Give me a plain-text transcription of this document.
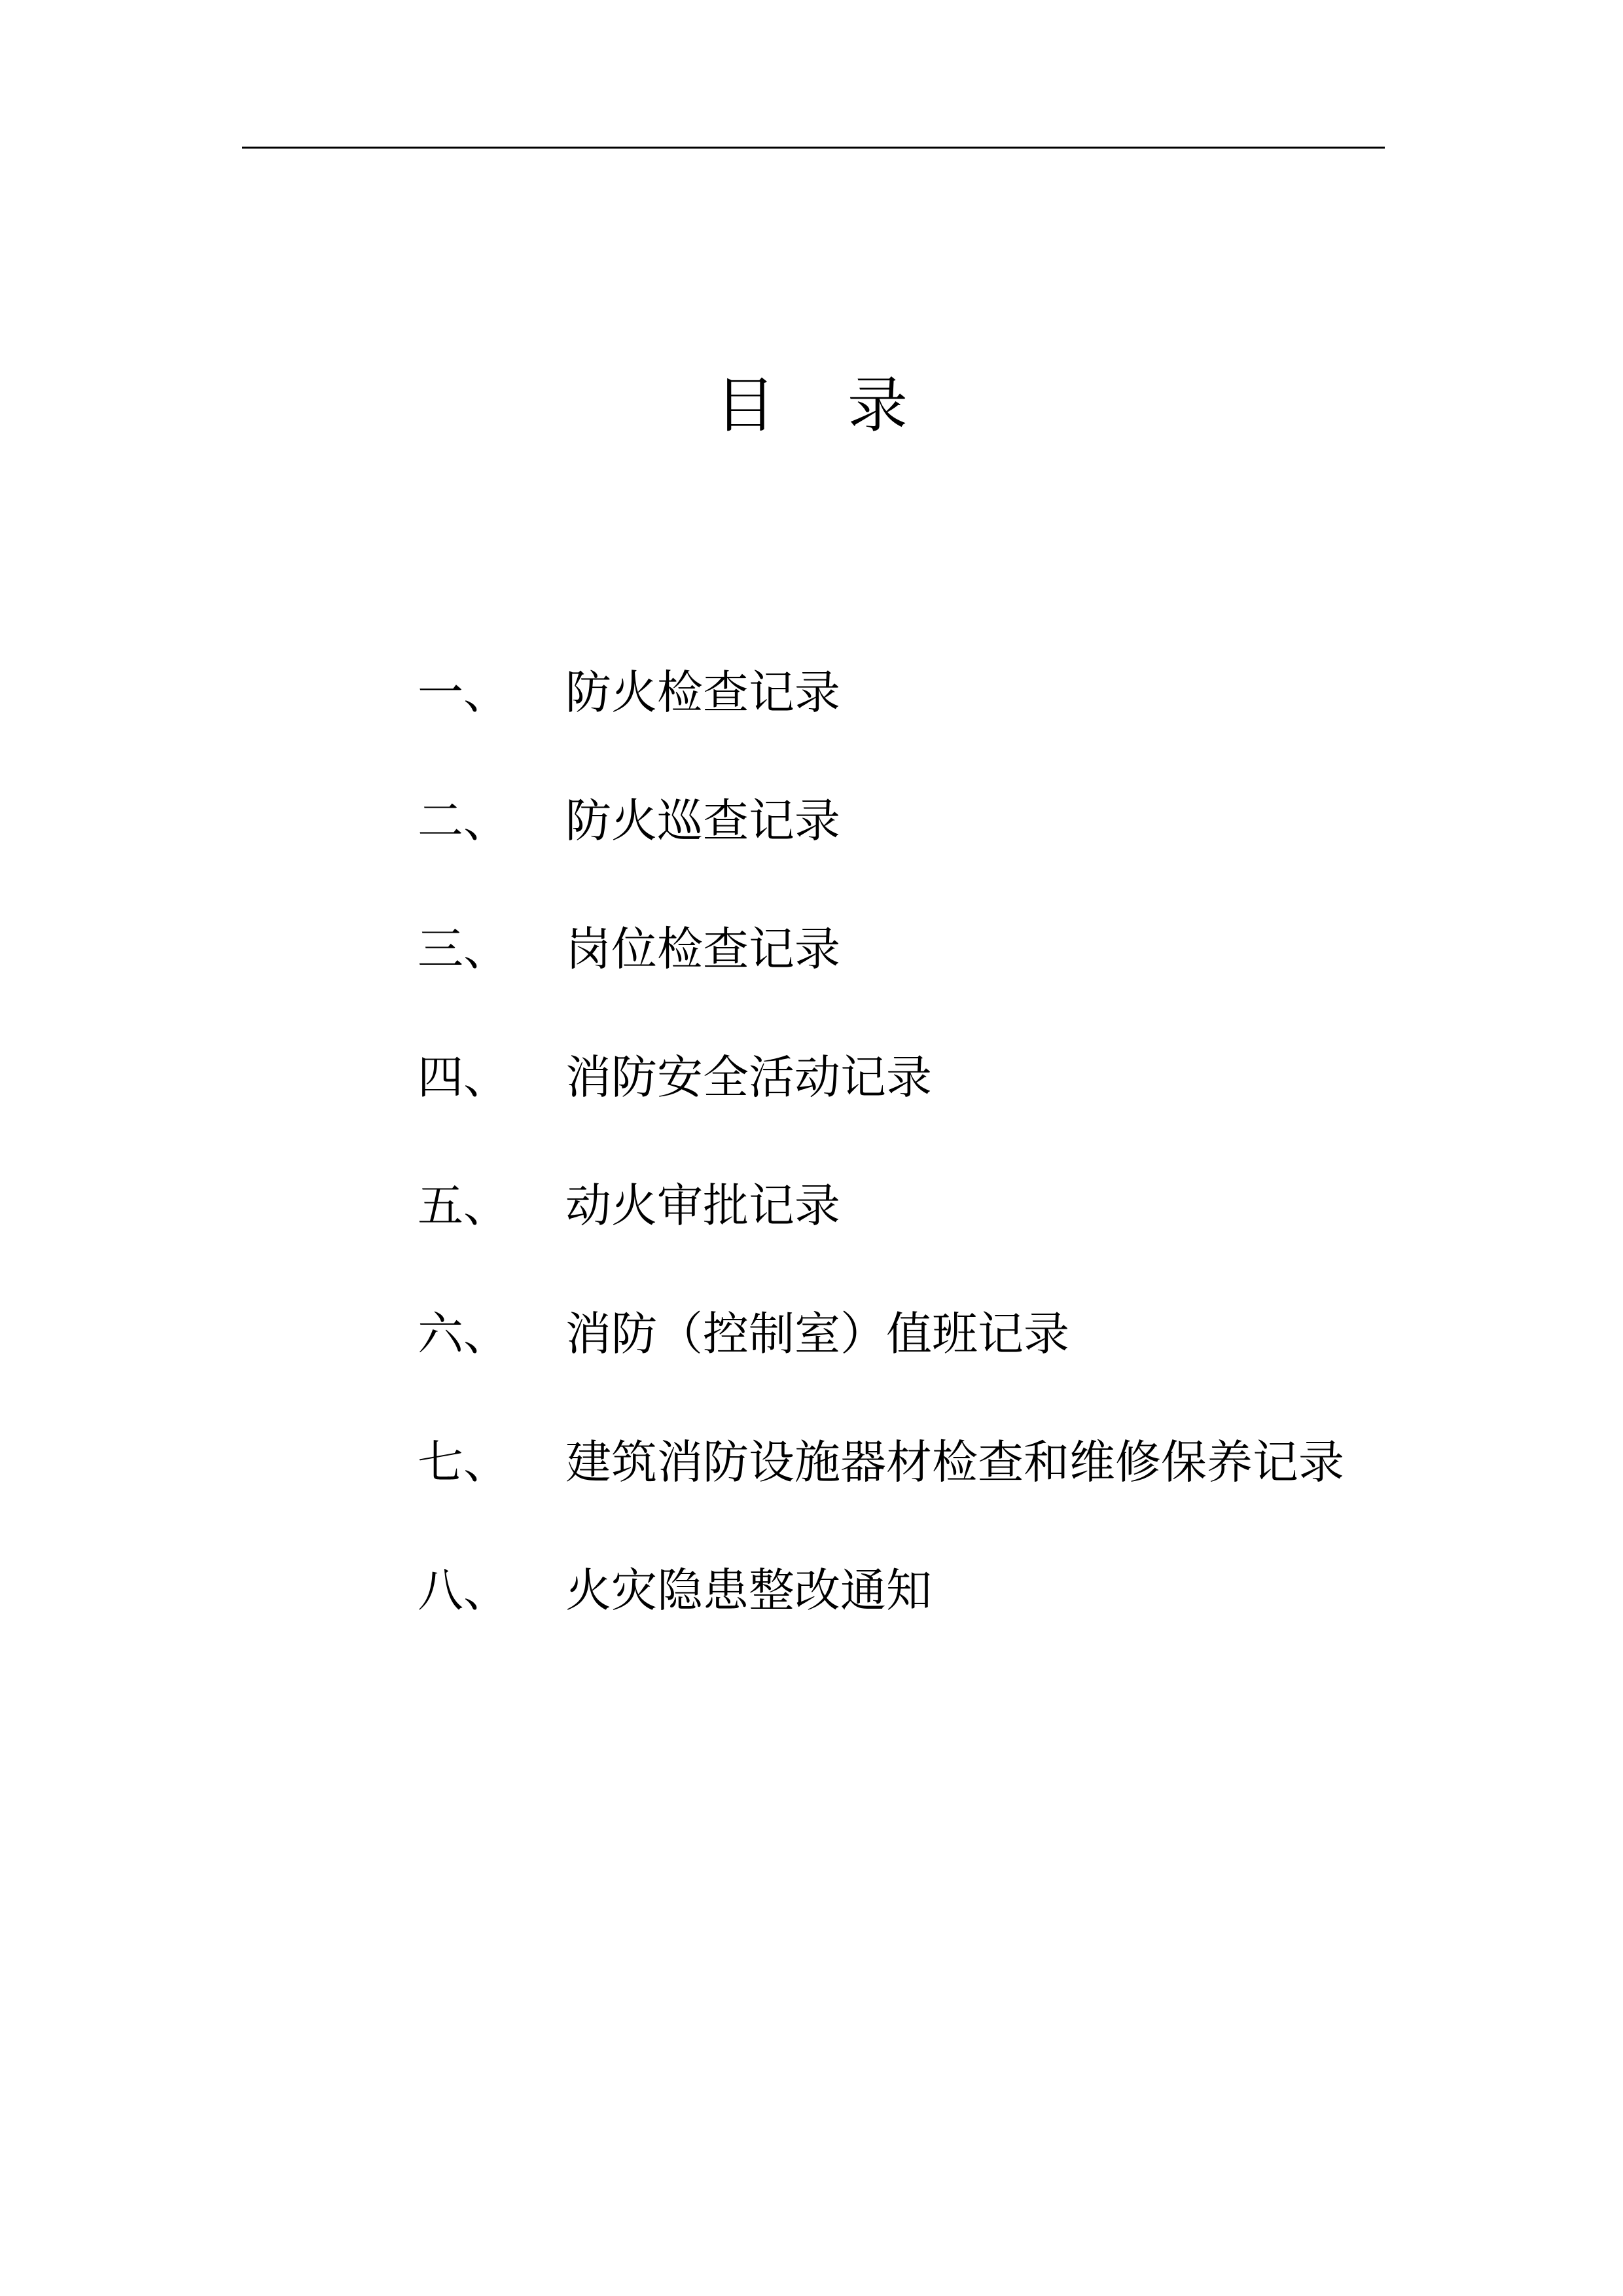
目录
一、	防火检查记录
二、	防火巡查记录
三、	岗位检查记录
四、	消防安全活动记录
五、	动火审批记录
六、	消防（控制室）值班记录
七、	建筑消防设施器材检查和维修保养记录
八、	火灾隐患整改通知
